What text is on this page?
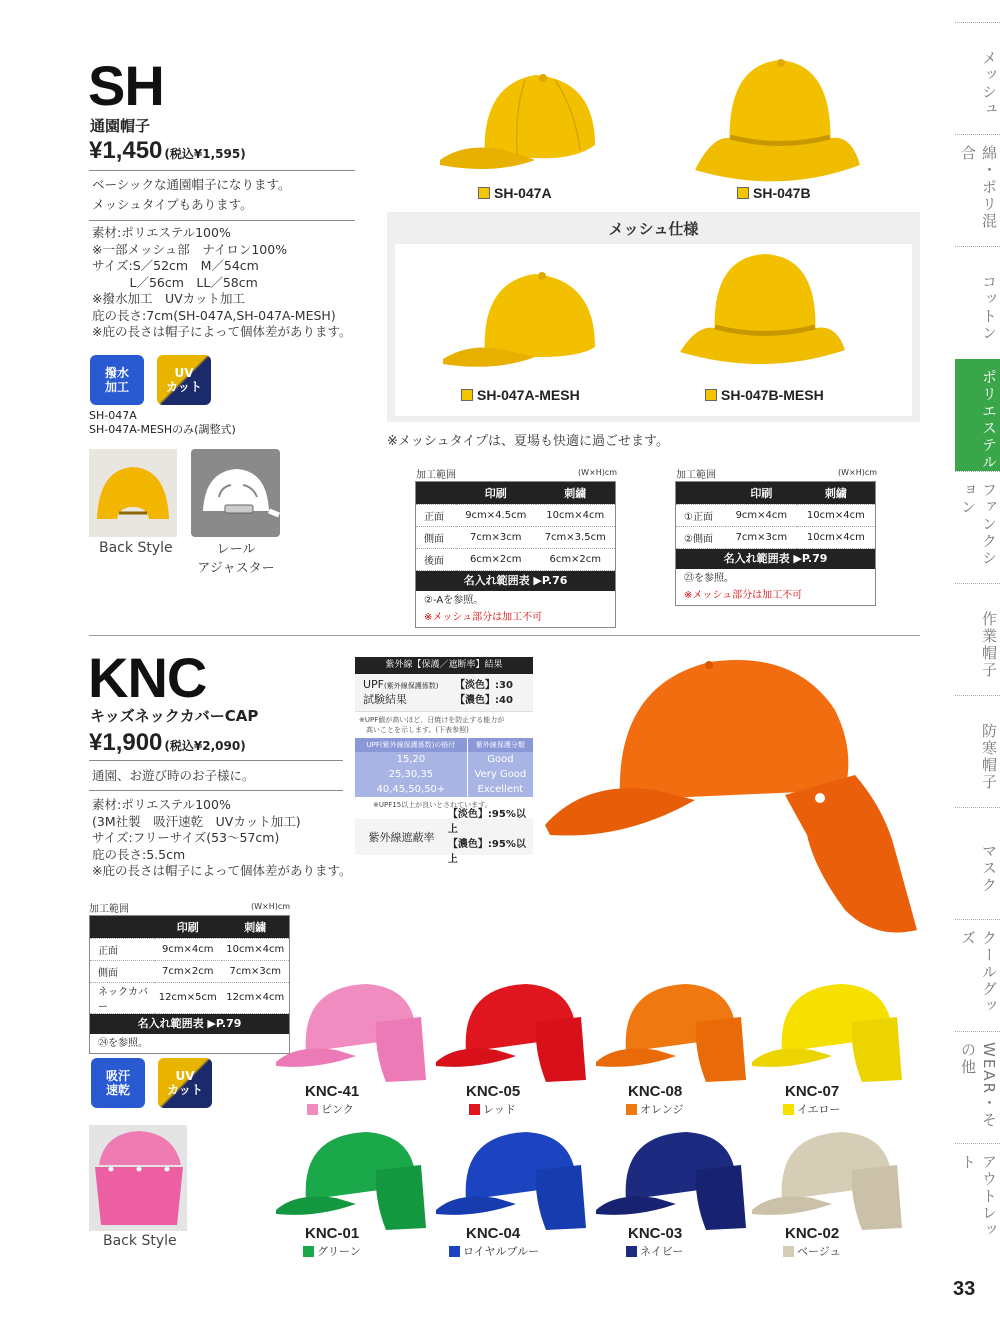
SH
通園帽子
¥1,450 (税込¥1,595)
ベーシックな通園帽子になります。
メッシュタイプもあります。
素材:ポリエステル100%
※一部メッシュ部　ナイロン100%
サイズ:S／52cm　M／54cm
　　　L／56cm　LL／58cm
※撥水加工　UVカット加工
庇の長さ:7cm(SH-047A,SH-047A-MESH)
※庇の長さは帽子によって個体差があります。
撥水
加工
UV
カット
SH-047A
SH-047A-MESHのみ(調整式)
Back Style	レール
アジャスター
SH-047A	SH-047B
メッシュ仕様
SH-047A-MESH	SH-047B-MESH
※メッシュタイプは、夏場も快適に過ごせます。
加工範囲	(W×H)cm
	印刷	刺繍
正面	9cm×4.5cm	10cm×4cm
側面	7cm×3cm	7cm×3.5cm
後面	6cm×2cm	6cm×2cm
名入れ範囲表 ▶P.76
②-Aを参照。
※メッシュ部分は加工不可
加工範囲	(W×H)cm
	印刷	刺繍
①正面	9cm×4cm	10cm×4cm
②側面	7cm×3cm	10cm×4cm
名入れ範囲表 ▶P.79
㉓を参照。
※メッシュ部分は加工不可
KNC
キッズネックカバーCAP
¥1,900 (税込¥2,090)
通園、お遊び時のお子様に。
素材:ポリエステル100%
(3M社製　吸汗速乾　UVカット加工)
サイズ:フリーサイズ(53〜57cm)
庇の長さ:5.5cm
※庇の長さは帽子によって個体差があります。
加工範囲	(W×H)cm
	印刷	刺繍
正面	9cm×4cm	10cm×4cm
側面	7cm×2cm	7cm×3cm
ネックカバー	12cm×5cm	12cm×4cm
名入れ範囲表 ▶P.79
㉔を参照。
吸汗
速乾
UV
カット
Back Style
紫外線【保護／遮断率】結果
UPF(紫外線保護係数)
試験結果
【淡色】:30
【濃色】:40
※UPF値が高いほど、日焼けを防止する能力が
　高いことを示します。(下表参照)
UPF(紫外線保護係数)の格付	紫外線保護分類
15,20	Good
25,30,35	Very Good
40,45,50,50+	Excellent
※UPF15以上が良いとされています。
紫外線遮蔽率
【淡色】:95%以上
【濃色】:95%以上
KNC-41
ピンク
KNC-05
レッド
KNC-08
オレンジ
KNC-07
イエロー
KNC-01
グリーン
KNC-04
ロイヤルブルー
KNC-03
ネイビー
KNC-02
ベージュ
メッシュ
綿・ポリ混合
コットン
ポリエステル
ファンクション
作業帽子
防寒帽子
マスク
クールグッズ
WEAR・その他
アウトレット
33
